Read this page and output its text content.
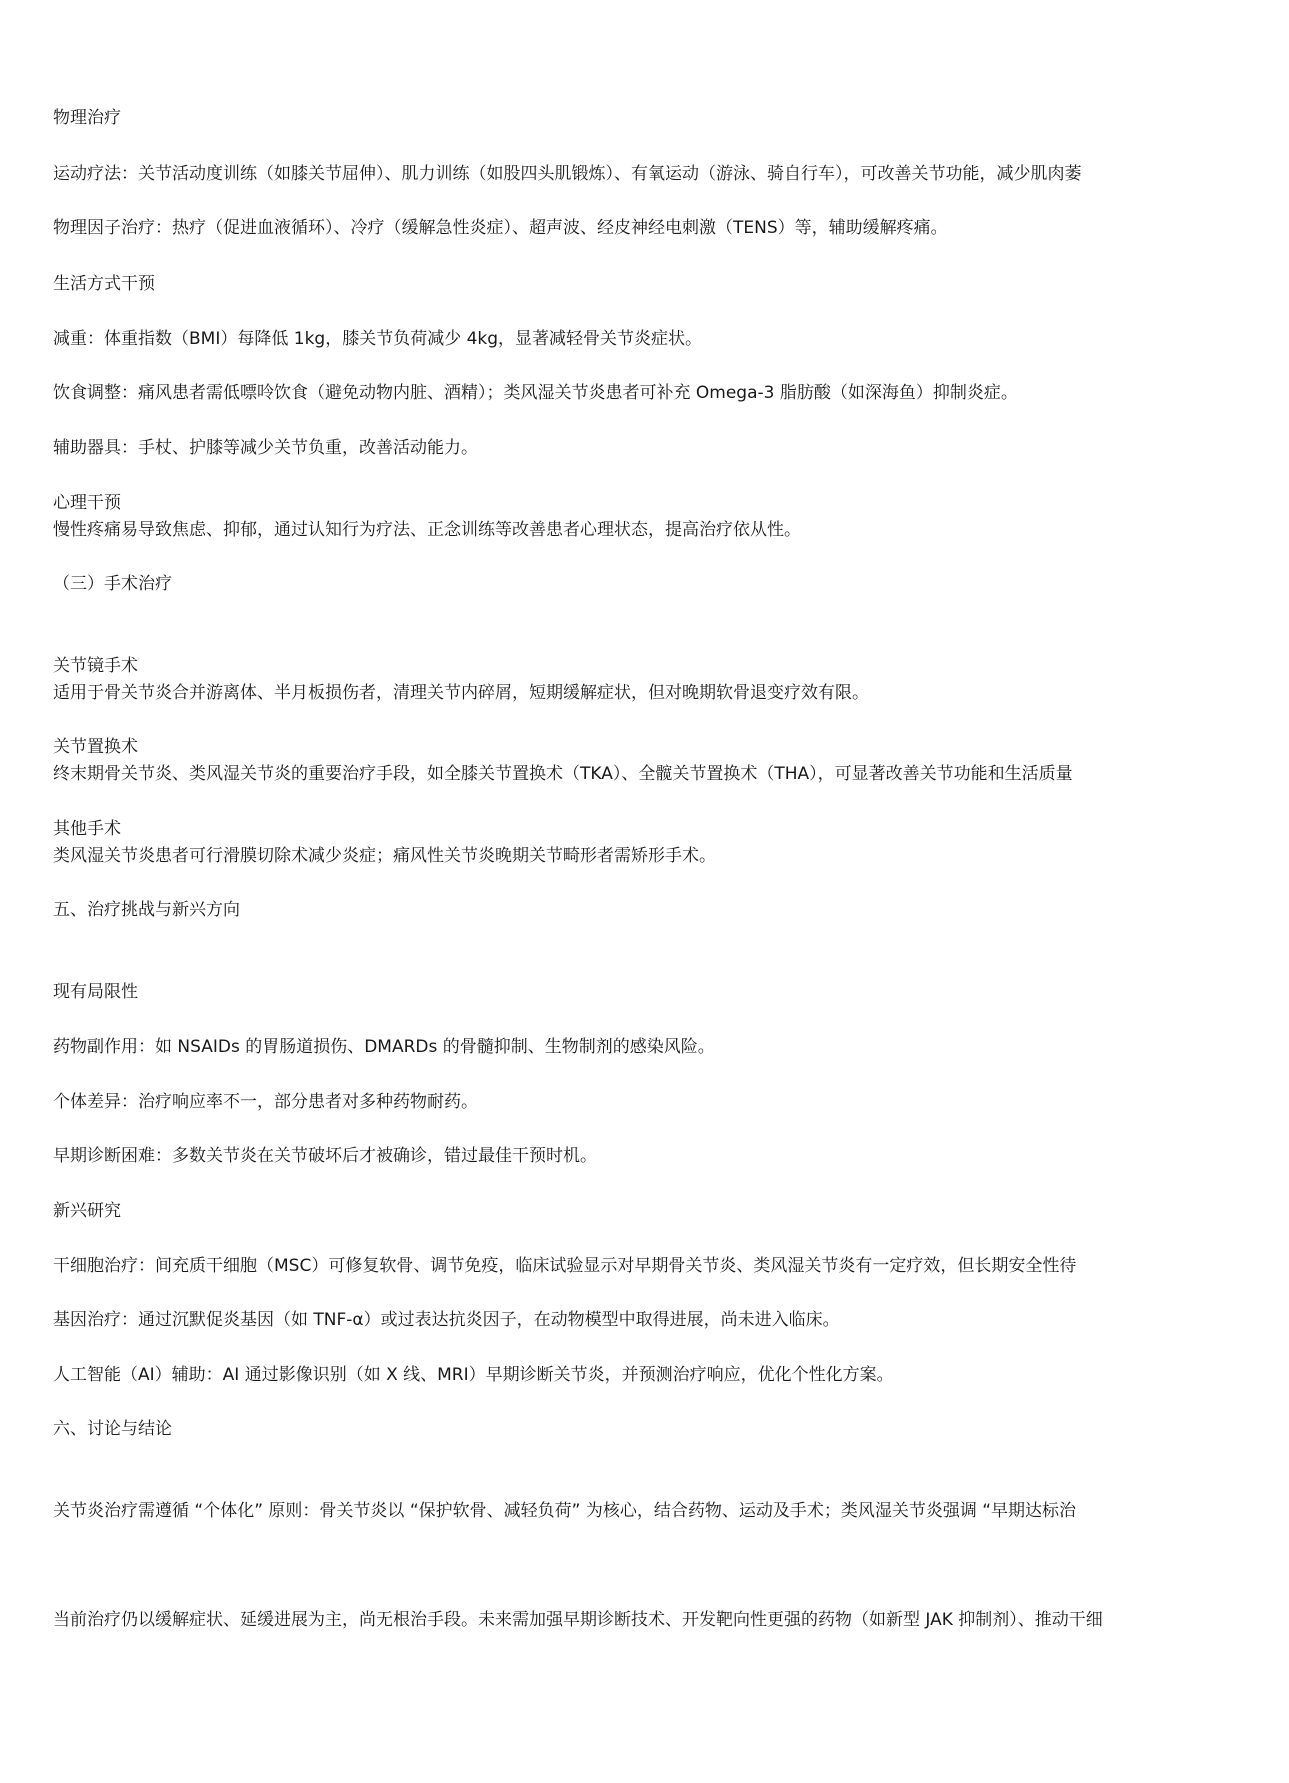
物理治疗
运动疗法：关节活动度训练（如膝关节屈伸）、肌力训练（如股四头肌锻炼）、有氧运动（游泳、骑自行车），可改善关节功能，减少肌肉萎
物理因子治疗：热疗（促进血液循环）、冷疗（缓解急性炎症）、超声波、经皮神经电刺激（TENS）等，辅助缓解疼痛。
生活方式干预
减重：体重指数（BMI）每降低 1kg，膝关节负荷减少 4kg，显著减轻骨关节炎症状。
饮食调整：痛风患者需低嘌呤饮食（避免动物内脏、酒精）；类风湿关节炎患者可补充 Omega-3 脂肪酸（如深海鱼）抑制炎症。
辅助器具：手杖、护膝等减少关节负重，改善活动能力。
心理干预
慢性疼痛易导致焦虑、抑郁，通过认知行为疗法、正念训练等改善患者心理状态，提高治疗依从性。
（三）手术治疗
关节镜手术
适用于骨关节炎合并游离体、半月板损伤者，清理关节内碎屑，短期缓解症状，但对晚期软骨退变疗效有限。
关节置换术
终末期骨关节炎、类风湿关节炎的重要治疗手段，如全膝关节置换术（TKA）、全髋关节置换术（THA），可显著改善关节功能和生活质量
其他手术
类风湿关节炎患者可行滑膜切除术减少炎症；痛风性关节炎晚期关节畸形者需矫形手术。
五、治疗挑战与新兴方向
现有局限性
药物副作用：如 NSAIDs 的胃肠道损伤、DMARDs 的骨髓抑制、生物制剂的感染风险。
个体差异：治疗响应率不一，部分患者对多种药物耐药。
早期诊断困难：多数关节炎在关节破坏后才被确诊，错过最佳干预时机。
新兴研究
干细胞治疗：间充质干细胞（MSC）可修复软骨、调节免疫，临床试验显示对早期骨关节炎、类风湿关节炎有一定疗效，但长期安全性待
基因治疗：通过沉默促炎基因（如 TNF-α）或过表达抗炎因子，在动物模型中取得进展，尚未进入临床。
人工智能（AI）辅助：AI 通过影像识别（如 X 线、MRI）早期诊断关节炎，并预测治疗响应，优化个性化方案。
六、讨论与结论
关节炎治疗需遵循 “个体化” 原则：骨关节炎以 “保护软骨、减轻负荷” 为核心，结合药物、运动及手术；类风湿关节炎强调 “早期达标治
当前治疗仍以缓解症状、延缓进展为主，尚无根治手段。未来需加强早期诊断技术、开发靶向性更强的药物（如新型 JAK 抑制剂）、推动干细
